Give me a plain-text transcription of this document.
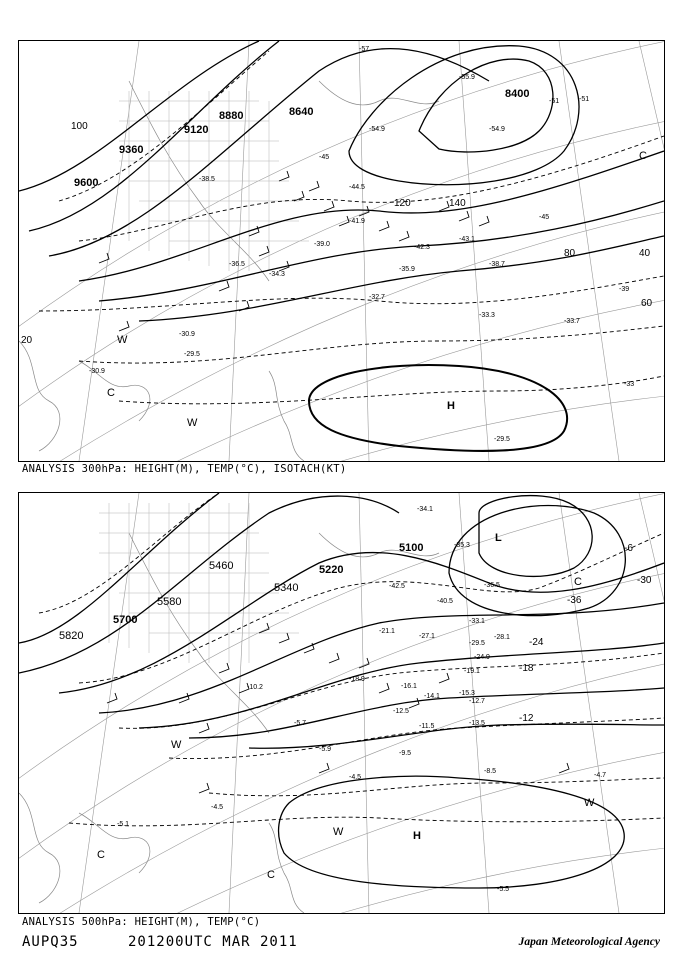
9600
9120
8880	8640
8400
9360
100
120	140
80
60
40
20
-57
-51
-45
-39
-33
-55.9
-54.9
-51
-54.9
-45
-44.5
-41.9
-43.1
-42.3
-38.7
-38.5
-39.0
-36.5
-35.9
-34.3
-32.7
-33.7
-33.3
-30.9
-29.5
-30.9
-29.5
H
W
W
C
C
ANALYSIS 300hPa: HEIGHT(M), TEMP(°C), ISOTACH(KT)
5100
5220
5340
5460
5580
5700
5820
-36
-30
-24
-18
-12
-6
-34.1
-35.3
-40.5
-42.5	-36.5
-33.1
-29.5
-28.1
-24.9
-27.1
-19.1
-21.1
-18.9
-16.1
-15.3
-13.5
-12.7
-9.5
-8.5
-5.7
-5.9
-4.5	-4.7
-5.1
-5.5
-4.5
-11.5
-14.1
-12.5
-10.2
H
L
W
W
W
C
C
C
ANALYSIS 500hPa: HEIGHT(M), TEMP(°C)
AUPQ35	201200UTC MAR 2011	Japan Meteorological Agency
